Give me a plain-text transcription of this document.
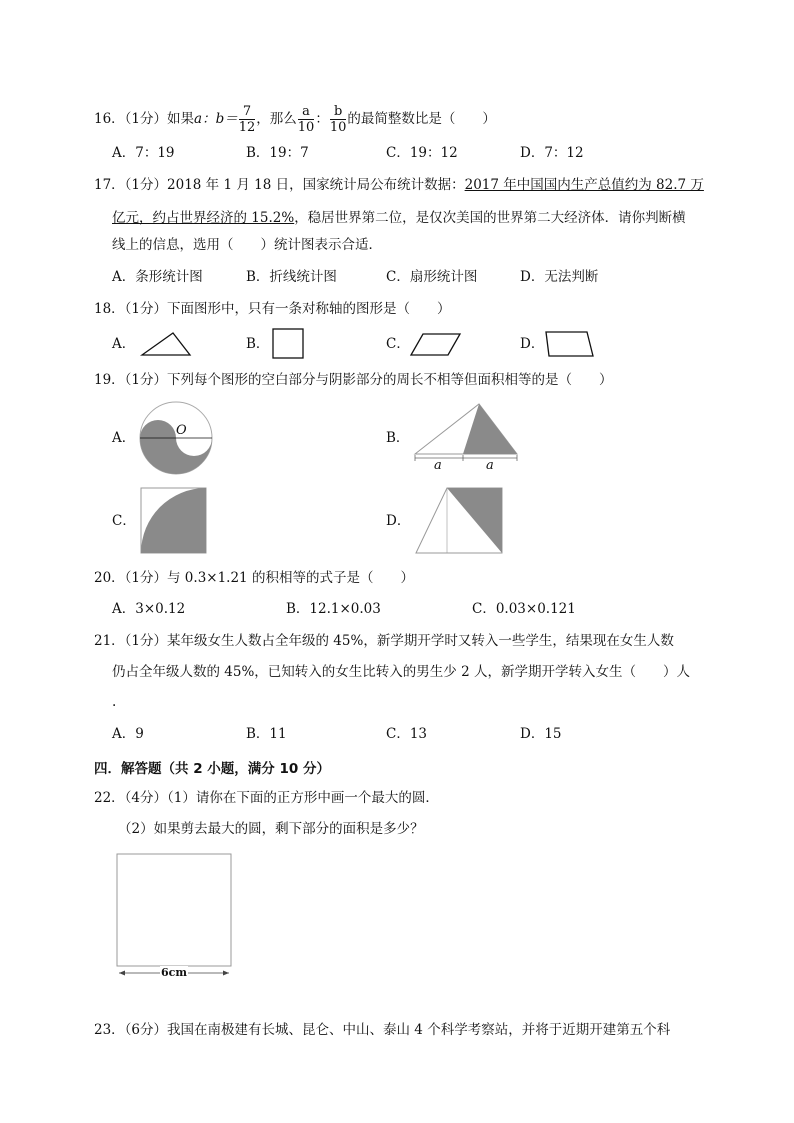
16．（1分）如果a：$b= \frac{7}{12}$ ，那么 $\frac{a}{10}$ ： $\frac{b}{10}$ 的最简整数比是（　　）
A．7：19	B．19：7	C．19：12	D．7：12
17．（1分）2018 年 1 月 18 日，国家统计局公布统计数据：2017 年中国国内生产总值约为 82.7 万
亿元，约占世界经济的 15.2%，稳居世界第二位，是仅次美国的世界第二大经济体．请你判断横
线上的信息，选用（　　）统计图表示合适．
A．条形统计图	B．折线统计图	C．扇形统计图	D．无法判断
18．（1分）下面图形中，只有一条对称轴的图形是（　　）
A．	B．	C．	D．
19．（1分）下列每个图形的空白部分与阴影部分的周长不相等但面积相等的是（　　）
A．	O	B．
a	a
C．	D．
20．（1分）与 0.3×1.21 的积相等的式子是（　　）
A．3×0.12	B．12.1×0.03	C．0.03×0.121
21．（1分）某年级女生人数占全年级的 45%，新学期开学时又转入一些学生，结果现在女生人数
仍占全年级人数的 45%，已知转入的女生比转入的男生少 2 人，新学期开学转入女生（　　）人
.
A．9	B．11	C．13	D．15
四．解答题（共 2 小题，满分 10 分）
22．（4分）（1）请你在下面的正方形中画一个最大的圆．
（2）如果剪去最大的圆，剩下部分的面积是多少？
6cm
23．（6分）我国在南极建有长城、昆仑、中山、泰山 4 个科学考察站，并将于近期开建第五个科
